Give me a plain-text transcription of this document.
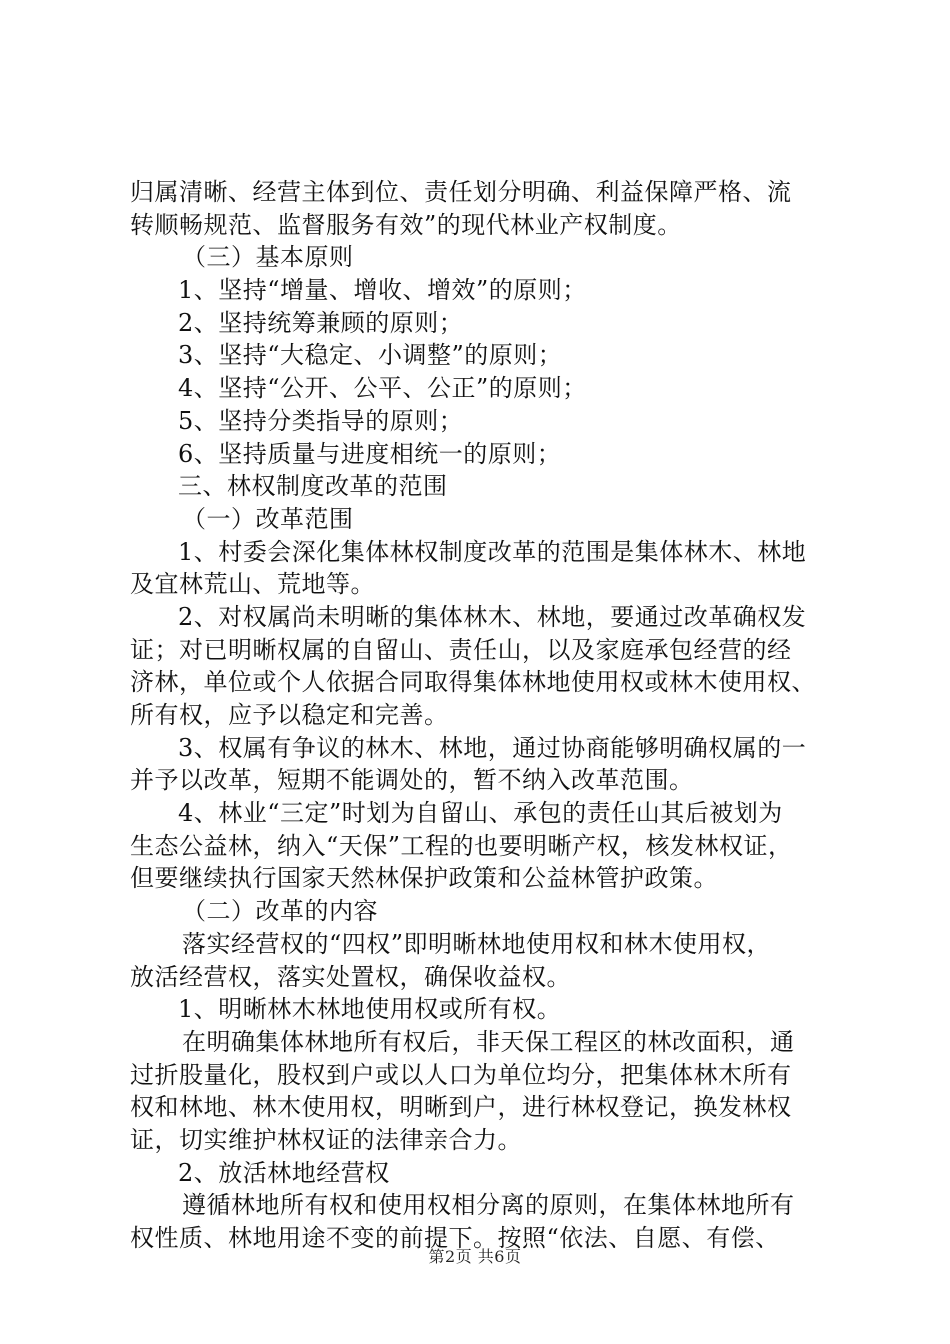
归属清晰、经营主体到位、责任划分明确、利益保障严格、流
转顺畅规范、监督服务有效”的现代林业产权制度。
（三）基本原则
1、坚持“增量、增收、增效”的原则；
2、坚持统筹兼顾的原则；
3、坚持“大稳定、小调整”的原则；
4、坚持“公开、公平、公正”的原则；
5、坚持分类指导的原则；
6、坚持质量与进度相统一的原则；
三、林权制度改革的范围
（一）改革范围
1、村委会深化集体林权制度改革的范围是集体林木、林地
及宜林荒山、荒地等。
2、对权属尚未明晰的集体林木、林地，要通过改革确权发
证；对已明晰权属的自留山、责任山，以及家庭承包经营的经
济林，单位或个人依据合同取得集体林地使用权或林木使用权、
所有权，应予以稳定和完善。
3、权属有争议的林木、林地，通过协商能够明确权属的一
并予以改革，短期不能调处的，暂不纳入改革范围。
4、林业“三定”时划为自留山、承包的责任山其后被划为
生态公益林，纳入“天保”工程的也要明晰产权，核发林权证，
但要继续执行国家天然林保护政策和公益林管护政策。
（二）改革的内容
落实经营权的“四权”即明晰林地使用权和林木使用权，
放活经营权，落实处置权，确保收益权。
1、明晰林木林地使用权或所有权。
在明确集体林地所有权后，非天保工程区的林改面积，通
过折股量化，股权到户或以人口为单位均分，把集体林木所有
权和林地、林木使用权，明晰到户，进行林权登记，换发林权
证，切实维护林权证的法律亲合力。
2、放活林地经营权
遵循林地所有权和使用权相分离的原则，在集体林地所有
权性质、林地用途不变的前提下。按照“依法、自愿、有偿、
第2页 共6页
